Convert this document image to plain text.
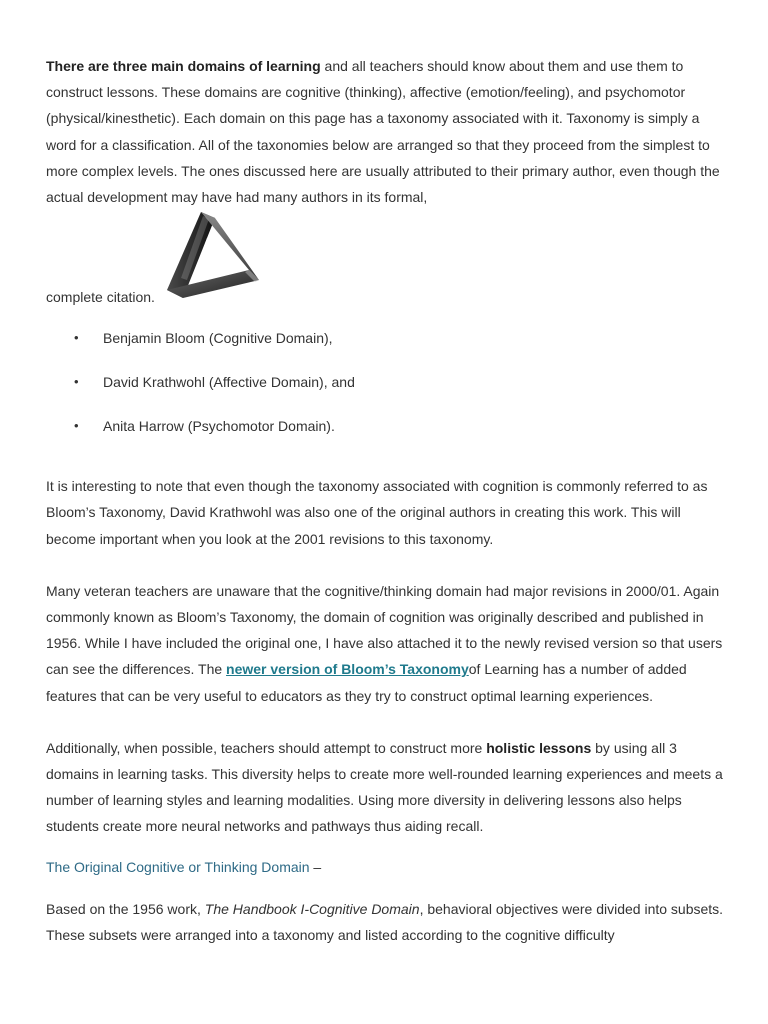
There are three main domains of learning and all teachers should know about them and use them to construct lessons. These domains are cognitive (thinking), affective (emotion/feeling), and psychomotor (physical/kinesthetic). Each domain on this page has a taxonomy associated with it. Taxonomy is simply a word for a classification. All of the taxonomies below are arranged so that they proceed from the simplest to more complex levels. The ones discussed here are usually attributed to their primary author, even though the actual development may have had many authors in its formal,

complete citation.
• Benjamin Bloom (Cognitive Domain),
• David Krathwohl (Affective Domain), and
• Anita Harrow (Psychomotor Domain).

It is interesting to note that even though the taxonomy associated with cognition is commonly referred to as Bloom’s Taxonomy, David Krathwohl was also one of the original authors in creating this work. This will become important when you look at the 2001 revisions to this taxonomy.

Many veteran teachers are unaware that the cognitive/thinking domain had major revisions in 2000/01. Again commonly known as Bloom’s Taxonomy, the domain of cognition was originally described and published in 1956. While I have included the original one, I have also attached it to the newly revised version so that users can see the differences. The newer version of Bloom’s Taxonomyof Learning has a number of added features that can be very useful to educators as they try to construct optimal learning experiences.

Additionally, when possible, teachers should attempt to construct more holistic lessons by using all 3 domains in learning tasks. This diversity helps to create more well-rounded learning experiences and meets a number of learning styles and learning modalities. Using more diversity in delivering lessons also helps students create more neural networks and pathways thus aiding recall.

The Original Cognitive or Thinking Domain –

Based on the 1956 work, The Handbook I-Cognitive Domain, behavioral objectives were divided into subsets. These subsets were arranged into a taxonomy and listed according to the cognitive difficulty
